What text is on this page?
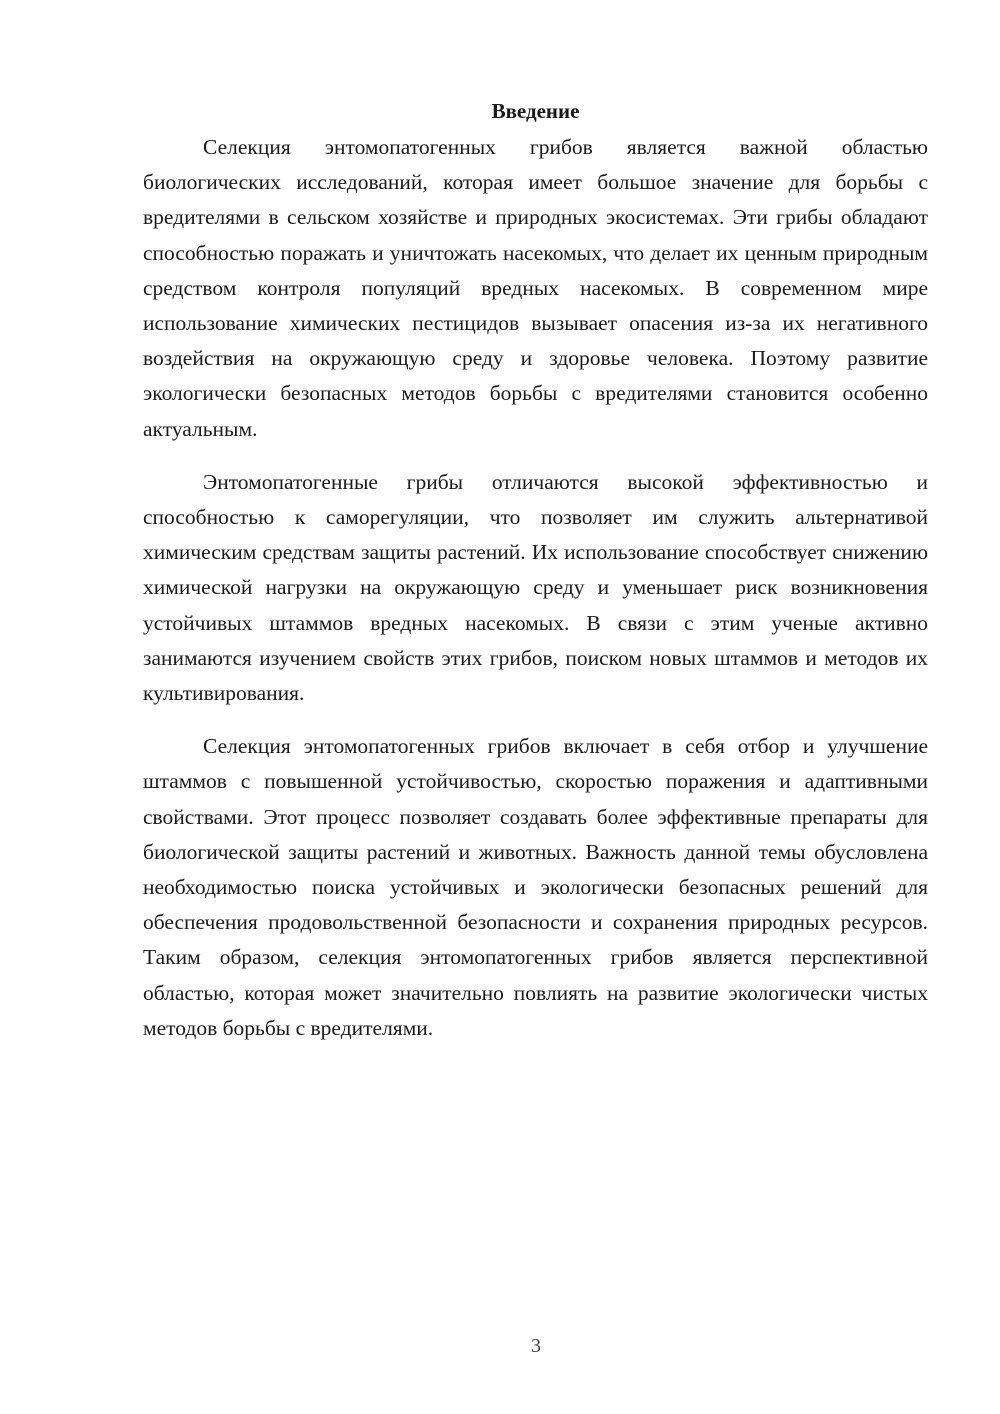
Введение

Селекция энтомопатогенных грибов является важной областью биологических исследований, которая имеет большое значение для борьбы с вредителями в сельском хозяйстве и природных экосистемах. Эти грибы обладают способностью поражать и уничтожать насекомых, что делает их ценным природным средством контроля популяций вредных насекомых. В современном мире использование химических пестицидов вызывает опасения из-за их негативного воздействия на окружающую среду и здоровье человека. Поэтому развитие экологически безопасных методов борьбы с вредителями становится особенно актуальным.

Энтомопатогенные грибы отличаются высокой эффективностью и способностью к саморегуляции, что позволяет им служить альтернативой химическим средствам защиты растений. Их использование способствует снижению химической нагрузки на окружающую среду и уменьшает риск возникновения устойчивых штаммов вредных насекомых. В связи с этим ученые активно занимаются изучением свойств этих грибов, поиском новых штаммов и методов их культивирования.

Селекция энтомопатогенных грибов включает в себя отбор и улучшение штаммов с повышенной устойчивостью, скоростью поражения и адаптивными свойствами. Этот процесс позволяет создавать более эффективные препараты для биологической защиты растений и животных. Важность данной темы обусловлена необходимостью поиска устойчивых и экологически безопасных решений для обеспечения продовольственной безопасности и сохранения природных ресурсов. Таким образом, селекция энтомопатогенных грибов является перспективной областью, которая может значительно повлиять на развитие экологически чистых методов борьбы с вредителями.

3
